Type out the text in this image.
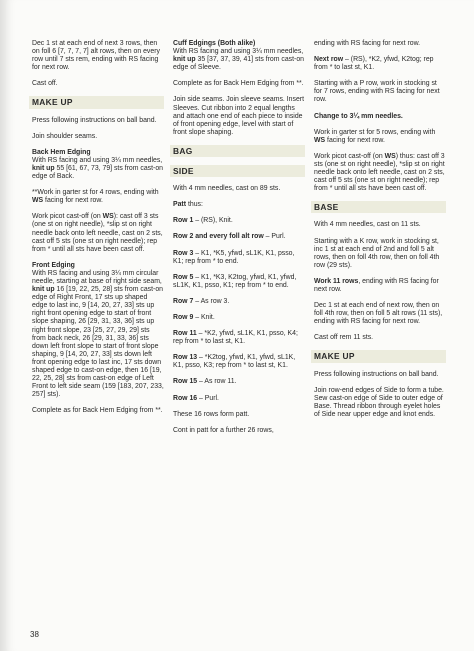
Dec 1 st at each end of next 3 rows, then on foll 6 [7, 7, 7, 7] alt rows, then on every row until 7 sts rem, ending with RS facing for next row.

Cast off.

MAKE UP

Press following instructions on ball band.

Join shoulder seams.

Back Hem Edging
With RS facing and using 3¼ mm needles, knit up 55 [61, 67, 73, 79] sts from cast-on edge of Back.

**Work in garter st for 4 rows, ending with WS facing for next row.

Work picot cast-off (on WS): cast off 3 sts (one st on right needle), *slip st on right needle back onto left needle, cast on 2 sts, cast off 5 sts (one st on right needle); rep from * until all sts have been cast off.

Front Edging
With RS facing and using 3¼ mm circular needle, starting at base of right side seam, knit up 16 [19, 22, 25, 28] sts from cast-on edge of Right Front, 17 sts up shaped edge to last inc, 9 [14, 20, 27, 33] sts up right front opening edge to start of front slope shaping, 26 [29, 31, 33, 36] sts up right front slope, 23 [25, 27, 29, 29] sts from back neck, 26 [29, 31, 33, 36] sts down left front slope to start of front slope shaping, 9 [14, 20, 27, 33] sts down left front opening edge to last inc, 17 sts down shaped edge to cast-on edge, then 16 [19, 22, 25, 28] sts from cast-on edge of Left Front to left side seam (159 [183, 207, 233, 257] sts).

Complete as for Back Hem Edging from **.

Cuff Edgings (Both alike)
With RS facing and using 3¼ mm needles, knit up 35 [37, 37, 39, 41] sts from cast-on edge of Sleeve.

Complete as for Back Hem Edging from **.

Join side seams. Join sleeve seams. Insert Sleeves. Cut ribbon into 2 equal lengths and attach one end of each piece to inside of front opening edge, level with start of front slope shaping.

BAG
SIDE

With 4 mm needles, cast on 89 sts.

Patt thus:

Row 1 – (RS), Knit.

Row 2 and every foll alt row – Purl.

Row 3 – K1, *K5, yfwd, sL1K, K1, psso, K1; rep from * to end.

Row 5 – K1, *K3, K2tog, yfwd, K1, yfwd, sL1K, K1, psso, K1; rep from * to end.

Row 7 – As row 3.

Row 9 – Knit.

Row 11 – *K2, yfwd, sL1K, K1, psso, K4; rep from * to last st, K1.

Row 13 – *K2tog, yfwd, K1, yfwd, sL1K, K1, psso, K3; rep from * to last st, K1.

Row 15 – As row 11.

Row 16 – Purl.

These 16 rows form patt.

Cont in patt for a further 26 rows,

ending with RS facing for next row.

Next row – (RS), *K2, yfwd, K2tog; rep from * to last st, K1.

Starting with a P row, work in stocking st for 7 rows, ending with RS facing for next row.

Change to 3¼ mm needles.

Work in garter st for 5 rows, ending with WS facing for next row.

Work picot cast-off (on WS) thus: cast off 3 sts (one st on right needle), *slip st on right needle back onto left needle, cast on 2 sts, cast off 5 sts (one st on right needle); rep from * until all sts have been cast off.

BASE

With 4 mm needles, cast on 11 sts.

Starting with a K row, work in stocking st, inc 1 st at each end of 2nd and foll 5 alt rows, then on foll 4th row, then on foll 4th row (29 sts).

Work 11 rows, ending with RS facing for next row.

Dec 1 st at each end of next row, then on foll 4th row, then on foll 5 alt rows (11 sts), ending with RS facing for next row.

Cast off rem 11 sts.

MAKE UP

Press following instructions on ball band.

Join row-end edges of Side to form a tube. Sew cast-on edge of Side to outer edge of Base. Thread ribbon through eyelet holes of Side near upper edge and knot ends.

38
